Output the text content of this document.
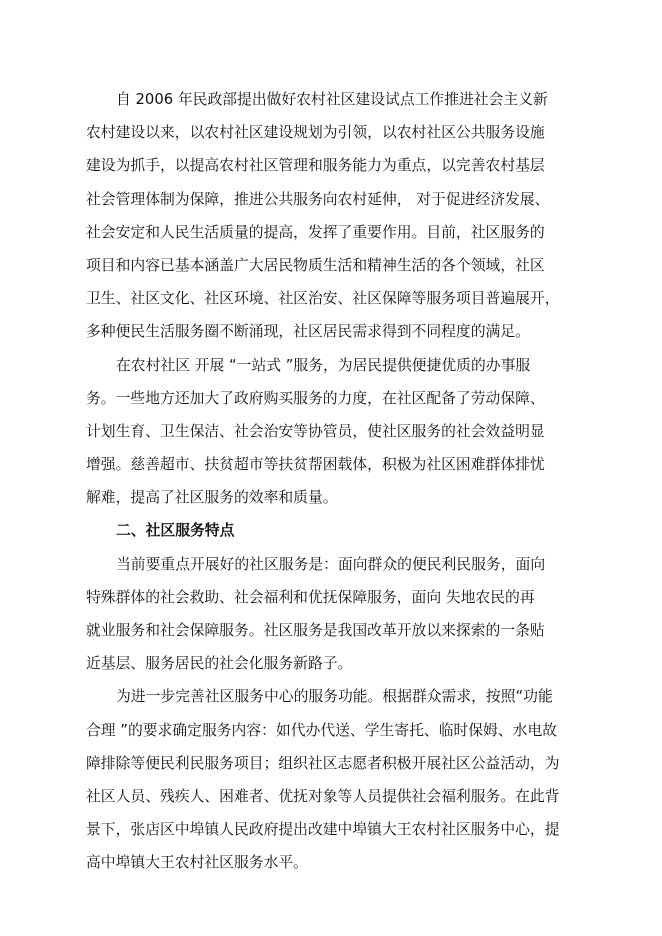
自 2006 年民政部提出做好农村社区建设试点工作推进社会主义新
农村建设以来，以农村社区建设规划为引领，以农村社区公共服务设施
建设为抓手，以提高农村社区管理和服务能力为重点，以完善农村基层
社会管理体制为保障，推进公共服务向农村延伸， 对于促进经济发展、
社会安定和人民生活质量的提高，发挥了重要作用。目前，社区服务的
项目和内容已基本涵盖广大居民物质生活和精神生活的各个领域，社区
卫生、社区文化、社区环境、社区治安、社区保障等服务项目普遍展开，
多种便民生活服务圈不断涌现，社区居民需求得到不同程度的满足。
在农村社区 开展 “一站式 ”服务，为居民提供便捷优质的办事服
务。一些地方还加大了政府购买服务的力度，在社区配备了劳动保障、
计划生育、卫生保洁、社会治安等协管员，使社区服务的社会效益明显
增强。慈善超市、扶贫超市等扶贫帮困载体，积极为社区困难群体排忧
解难，提高了社区服务的效率和质量。
二、社区服务特点
当前要重点开展好的社区服务是：面向群众的便民利民服务，面向
特殊群体的社会救助、社会福利和优抚保障服务，面向 失地农民的再
就业服务和社会保障服务。社区服务是我国改革开放以来探索的一条贴
近基层、服务居民的社会化服务新路子。
为进一步完善社区服务中心的服务功能。根据群众需求，按照“功能
合理 ”的要求确定服务内容：如代办代送、学生寄托、临时保姆、水电故
障排除等便民利民服务项目；组织社区志愿者积极开展社区公益活动，为
社区人员、残疾人、困难者、优抚对象等人员提供社会福利服务。在此背
景下，张店区中埠镇人民政府提出改建中埠镇大王农村社区服务中心，提
高中埠镇大王农村社区服务水平。
